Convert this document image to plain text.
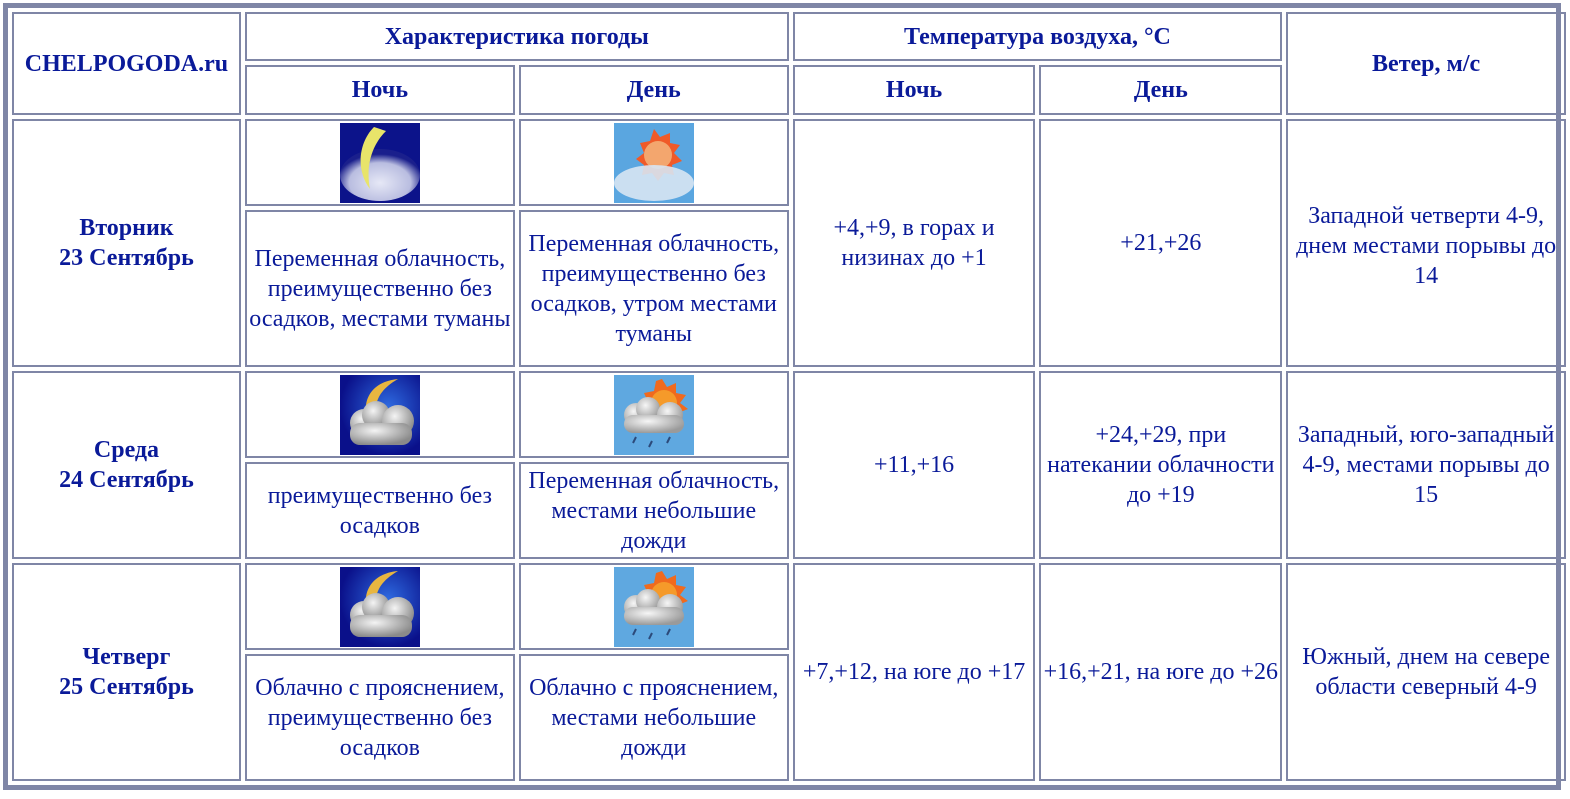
CHELPOGODA.ru	Характеристика погоды		Температура воздуха, °C		Ветер, м/с
	Ночь	День	Ночь	День	
Вторник
23 Сентябрь			+4,+9, в горах и низинах до +1	+21,+26	Западной четверти 4-9, днем местами порывы до 14
	Переменная облачность, преимущественно без осадков, местами туманы	Переменная облачность, преимущественно без осадков, утром местами туманы			
Среда
24 Сентябрь			+11,+16	+24,+29, при натекании облачности до +19	Западный, юго-западный 4-9, местами порывы до 15
	преимущественно без осадков	Переменная облачность, местами небольшие дожди			
Четверг
25 Сентябрь			+7,+12, на юге до +17	+16,+21, на юге до +26	Южный, днем на севере области северный 4-9
	Облачно с прояснением, преимущественно без осадков	Облачно с прояснением, местами небольшие дожди			
